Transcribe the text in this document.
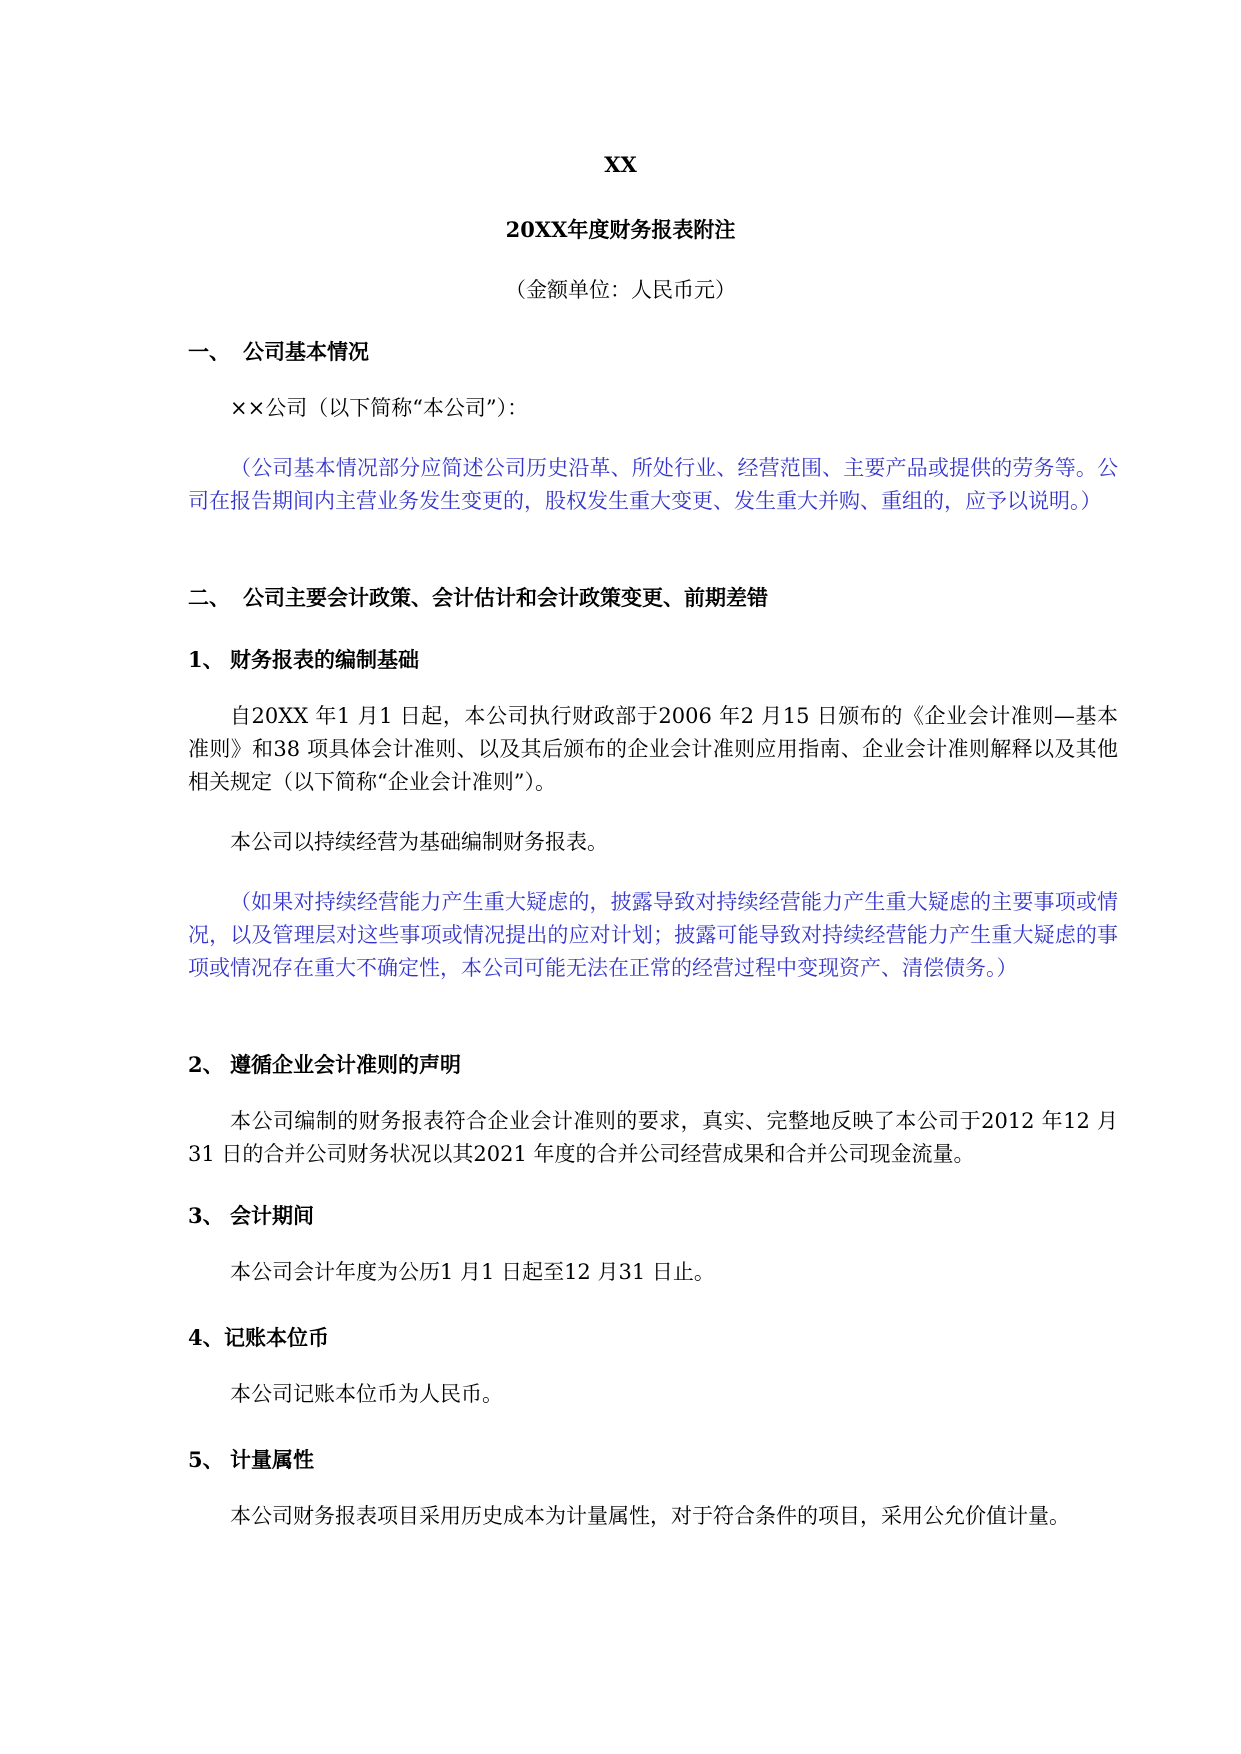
XX
20XX年度财务报表附注
（金额单位：人民币元）
一、 公司基本情况

××公司（以下简称“本公司”）：

（公司基本情况部分应简述公司历史沿革、所处行业、经营范围、主要产品或提供的劳务等。公司在报告期间内主营业务发生变更的，股权发生重大变更、发生重大并购、重组的，应予以说明。）

二、 公司主要会计政策、会计估计和会计政策变更、前期差错
1、 财务报表的编制基础

自20XX 年1 月1 日起，本公司执行财政部于2006 年2 月15 日颁布的《企业会计准则—基本准则》和38 项具体会计准则、以及其后颁布的企业会计准则应用指南、企业会计准则解释以及其他相关规定（以下简称“企业会计准则”）。

本公司以持续经营为基础编制财务报表。

（如果对持续经营能力产生重大疑虑的，披露导致对持续经营能力产生重大疑虑的主要事项或情况，以及管理层对这些事项或情况提出的应对计划；披露可能导致对持续经营能力产生重大疑虑的事项或情况存在重大不确定性，本公司可能无法在正常的经营过程中变现资产、清偿债务。）

2、 遵循企业会计准则的声明

本公司编制的财务报表符合企业会计准则的要求，真实、完整地反映了本公司于2012 年12 月31 日的合并公司财务状况以其2021 年度的合并公司经营成果和合并公司现金流量。

3、 会计期间

本公司会计年度为公历1 月1 日起至12 月31 日止。

4、记账本位币

本公司记账本位币为人民币。

5、 计量属性

本公司财务报表项目采用历史成本为计量属性，对于符合条件的项目，采用公允价值计量。
